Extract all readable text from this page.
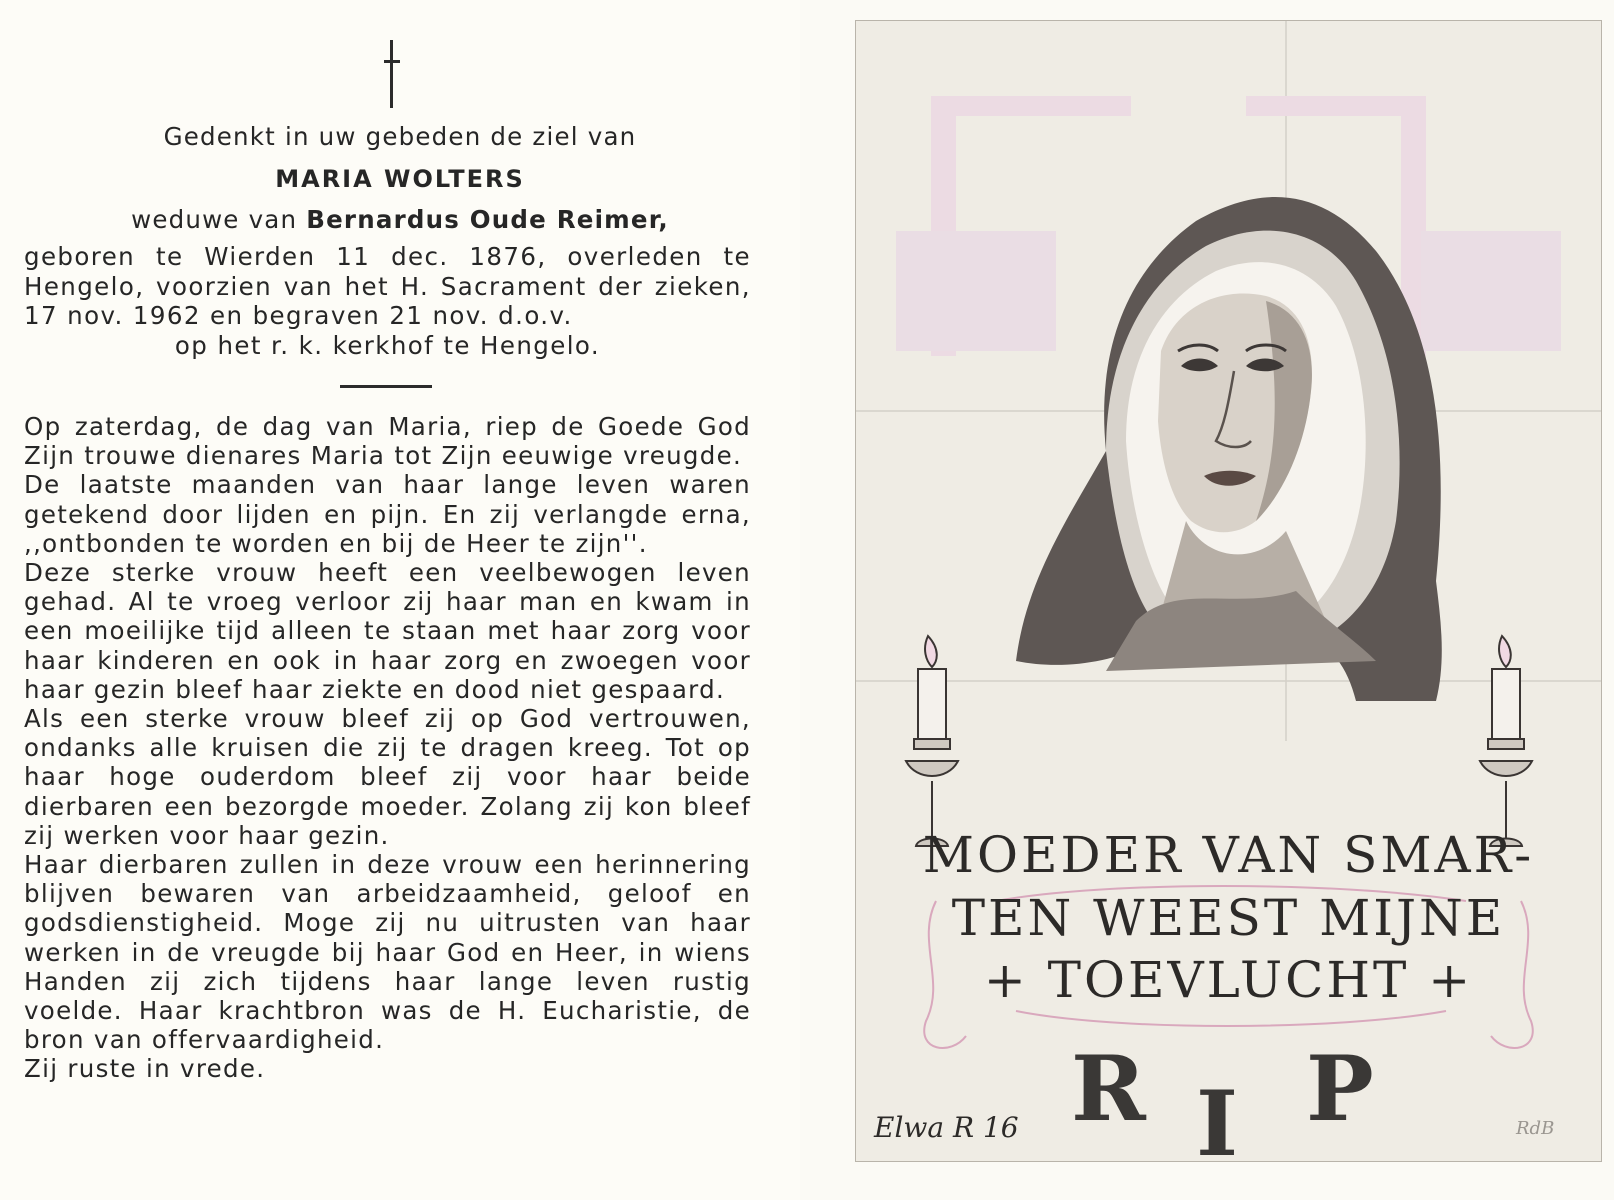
Gedenkt in uw gebeden de ziel van
MARIA WOLTERS
weduwe van Bernardus Oude Reimer,
geboren te Wierden 11 dec. 1876, overleden te Hengelo, voorzien van het H. Sacrament der zieken, 17 nov. 1962 en begraven 21 nov. d.o.v.
op het r. k. kerkhof te Hengelo.

Op zaterdag, de dag van Maria, riep de Goede God Zijn trouwe dienares Maria tot Zijn eeuwige vreugde.

De laatste maanden van haar lange leven waren getekend door lijden en pijn. En zij verlangde erna, ,,ontbonden te worden en bij de Heer te zijn''.

Deze sterke vrouw heeft een veelbewogen leven gehad. Al te vroeg verloor zij haar man en kwam in een moeilijke tijd alleen te staan met haar zorg voor haar kinderen en ook in haar zorg en zwoegen voor haar gezin bleef haar ziekte en dood niet gespaard.

Als een sterke vrouw bleef zij op God vertrouwen, ondanks alle kruisen die zij te dragen kreeg. Tot op haar hoge ouderdom bleef zij voor haar beide dierbaren een bezorgde moeder. Zolang zij kon bleef zij werken voor haar gezin.

Haar dierbaren zullen in deze vrouw een herinnering blijven bewaren van arbeidzaamheid, geloof en godsdienstigheid. Moge zij nu uitrusten van haar werken in de vreugde bij haar God en Heer, in wiens Handen zij zich tijdens haar lange leven rustig voelde. Haar krachtbron was de H. Eucharistie, de bron van offervaardigheid.

Zij ruste in vrede.

MOEDER VAN SMAR-
TEN WEEST MIJNE
+ TOEVLUCHT +
R I P
Elwa R 16	RdB
